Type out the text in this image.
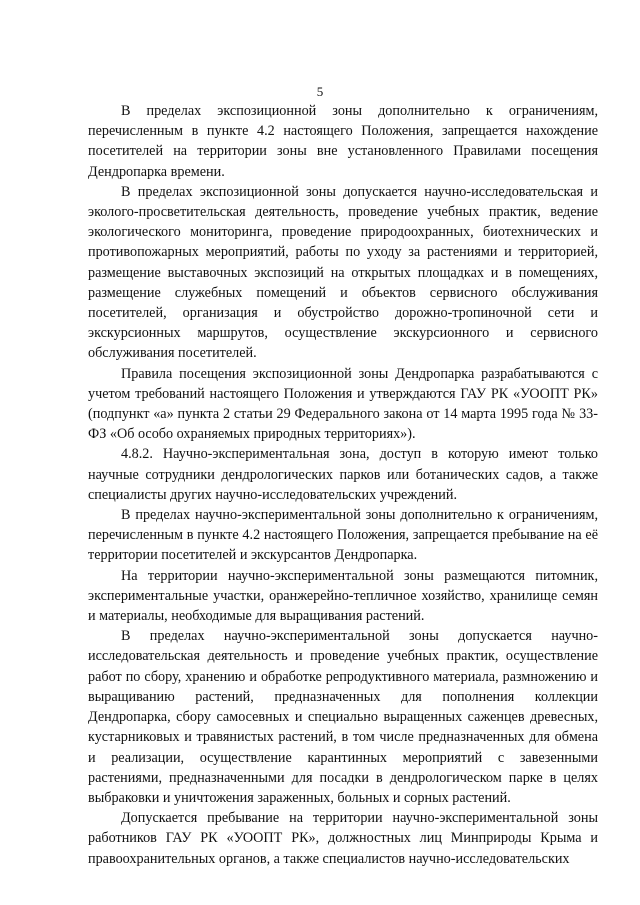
5

В пределах экспозиционной зоны дополнительно к ограничениям, перечисленным в пункте 4.2 настоящего Положения, запрещается нахождение посетителей на территории зоны вне установленного Правилами посещения Дендропарка времени.

В пределах экспозиционной зоны допускается научно-исследовательская и эколого-просветительская деятельность, проведение учебных практик, ведение экологического мониторинга, проведение природоохранных, биотехнических и противопожарных мероприятий, работы по уходу за растениями и территорией, размещение выставочных экспозиций на открытых площадках и в помещениях, размещение служебных помещений и объектов сервисного обслуживания посетителей, организация и обустройство дорожно-тропиночной сети и экскурсионных маршрутов, осуществление экскурсионного и сервисного обслуживания посетителей.

Правила посещения экспозиционной зоны Дендропарка разрабатываются с учетом требований настоящего Положения и утверждаются ГАУ РК «УООПТ РК» (подпункт «а» пункта 2 статьи 29 Федерального закона от 14 марта 1995 года № 33-ФЗ «Об особо охраняемых природных территориях»).

4.8.2. Научно-экспериментальная зона, доступ в которую имеют только научные сотрудники дендрологических парков или ботанических садов, а также специалисты других научно-исследовательских учреждений.

В пределах научно-экспериментальной зоны дополнительно к ограничениям, перечисленным в пункте 4.2 настоящего Положения, запрещается пребывание на её территории посетителей и экскурсантов Дендропарка.

На территории научно-экспериментальной зоны размещаются питомник, экспериментальные участки, оранжерейно-тепличное хозяйство, хранилище семян и материалы, необходимые для выращивания растений.

В пределах научно-экспериментальной зоны допускается научно-исследовательская деятельность и проведение учебных практик, осуществление работ по сбору, хранению и обработке репродуктивного материала, размножению и выращиванию растений, предназначенных для пополнения коллекции Дендропарка, сбору самосевных и специально выращенных саженцев древесных, кустарниковых и травянистых растений, в том числе предназначенных для обмена и реализации, осуществление карантинных мероприятий с завезенными растениями, предназначенными для посадки в дендрологическом парке в целях выбраковки и уничтожения зараженных, больных и сорных растений.

Допускается пребывание на территории научно-экспериментальной зоны работников ГАУ РК «УООПТ РК», должностных лиц Минприроды Крыма и правоохранительных органов, а также специалистов научно-исследовательских
